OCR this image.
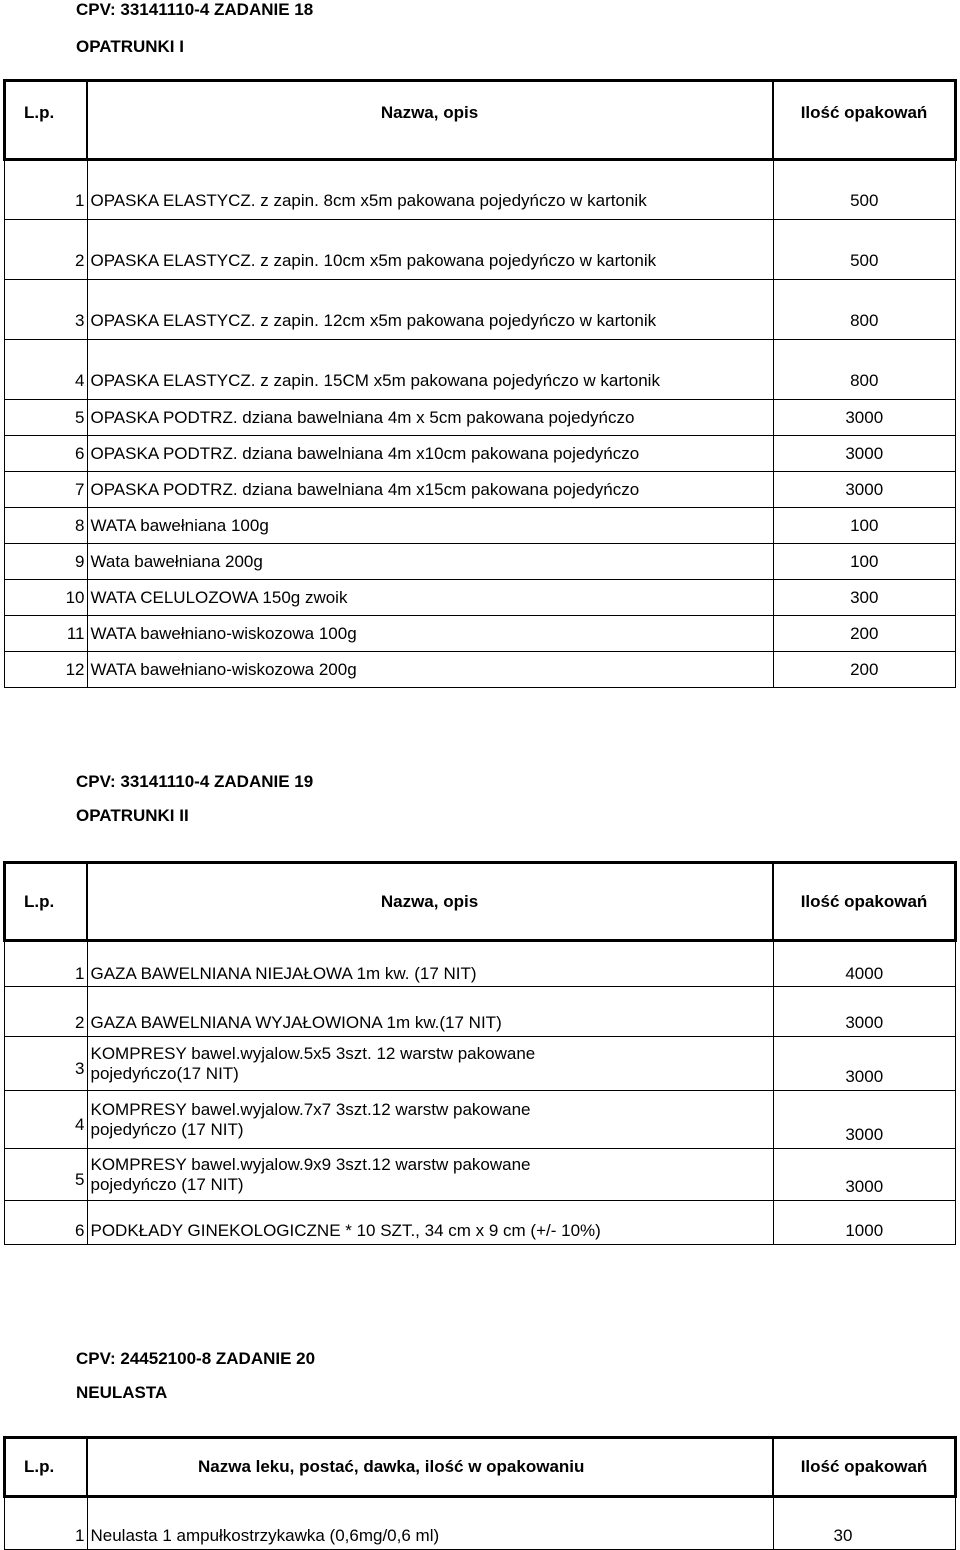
CPV: 33141110-4 ZADANIE 18
OPATRUNKI I
L.p.	Nazwa, opis	Ilość opakowań
1	OPASKA ELASTYCZ. z zapin. 8cm x5m pakowana pojedyńczo w kartonik	500
2	OPASKA ELASTYCZ. z zapin. 10cm x5m pakowana pojedyńczo w kartonik	500
3	OPASKA ELASTYCZ. z zapin. 12cm x5m pakowana pojedyńczo w kartonik	800
4	OPASKA ELASTYCZ. z zapin. 15CM x5m pakowana pojedyńczo w kartonik	800
5	OPASKA PODTRZ. dziana bawelniana 4m x 5cm pakowana pojedyńczo	3000
6	OPASKA PODTRZ. dziana bawelniana 4m x10cm pakowana pojedyńczo	3000
7	OPASKA PODTRZ. dziana bawelniana 4m x15cm pakowana pojedyńczo	3000
8	WATA bawełniana 100g	100
9	Wata bawełniana 200g	100
10	WATA CELULOZOWA 150g zwoik	300
11	WATA bawełniano-wiskozowa 100g	200
12	WATA bawełniano-wiskozowa 200g	200
CPV: 33141110-4 ZADANIE 19
OPATRUNKI II
L.p.	Nazwa, opis	Ilość opakowań
1	GAZA BAWELNIANA NIEJAŁOWA 1m kw. (17 NIT)	4000
2	GAZA BAWELNIANA WYJAŁOWIONA 1m kw.(17 NIT)	3000
3	KOMPRESY bawel.wyjalow.5x5 3szt. 12 warstw pakowane pojedyńczo(17 NIT)	3000
4	KOMPRESY bawel.wyjalow.7x7 3szt.12 warstw pakowane pojedyńczo (17 NIT)	3000
5	KOMPRESY bawel.wyjalow.9x9 3szt.12 warstw pakowane pojedyńczo (17 NIT)	3000
6	PODKŁADY GINEKOLOGICZNE * 10 SZT., 34 cm x 9 cm (+/- 10%)	1000
CPV: 24452100-8 ZADANIE 20
NEULASTA
L.p.	Nazwa leku, postać, dawka, ilość w opakowaniu	Ilość opakowań
1	Neulasta 1 ampułkostrzykawka (0,6mg/0,6 ml)	30
